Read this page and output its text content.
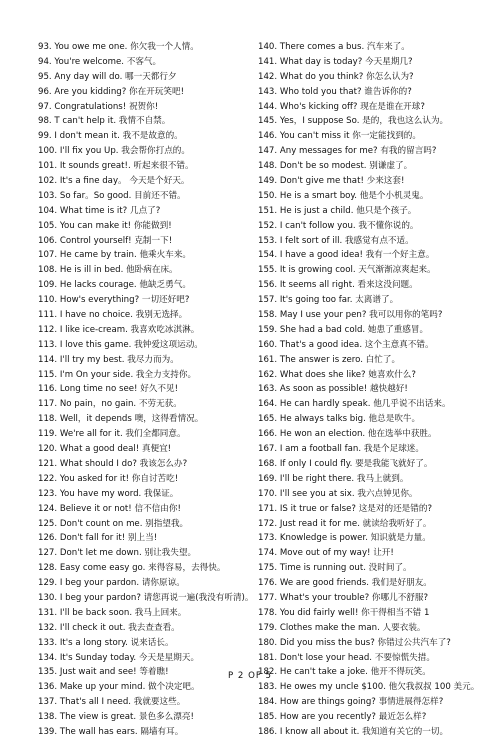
93. You owe me one. 你欠我一个人情。
94. You're welcome. 不客气。
95. Any day will do. 哪一天都行夕
96. Are you kidding? 你在开玩笑吧!
97. Congratulations! 祝贺你!
98. T can't help it. 我情不自禁。
99. I don't mean it. 我不是故意的。
100. I'll fix you Up. 我会帮你打点的。
101. It sounds great!. 听起来很不错。
102. It's a fine day。 今天是个好天。
103. So far。So good. 目前还不错。
104. What time is it? 几点了?
105. You can make it! 你能做到!
106. Control yourself! 克制一下!
107. He came by train. 他乘火车来。
108. He is ill in bed. 他卧病在床。
109. He lacks courage. 他缺乏勇气。
110. How's everything? 一切还好吧?
111. I have no choice. 我别无选择。
112. I like ice-cream. 我喜欢吃冰淇淋。
113. I love this game. 我钟爱这项运动。
114. I'll try my best. 我尽力而为。
115. I'm On your side. 我全力支持你。
116. Long time no see! 好久不见!
117. No pain，no gain. 不劳无获。
118. Well，it depends 噢，这得看情况。
119. We're all for it. 我们全都同意。
120. What a good deal! 真便宜!
121. What should I do? 我该怎么办?
122. You asked for it! 你自讨苦吃!
123. You have my word. 我保证。
124. Believe it or not! 信不信由你!
125. Don't count on me. 别指望我。
126. Don't fall for it! 别上当!
127. Don't let me down. 别让我失望。
128. Easy come easy go. 来得容易，去得快。
129. I beg your pardon. 请你原谅。
130. I beg your pardon? 请您再说一遍(我没有听清)。
131. I'll be back soon. 我马上回来。
132. I'll check it out. 我去查查看。
133. It's a long story. 说来话长。
134. It's Sunday today. 今天是星期天。
135. Just wait and see! 等着瞧!
136. Make up your mind. 做个决定吧。
137. That's all I need. 我就要这些。
138. The view is great. 景色多么漂亮!
139. The wall has ears. 隔墙有耳。
140. There comes a bus. 汽车来了。
141. What day is today? 今天星期几?
142. What do you think? 你怎么认为?
143. Who told you that? 谁告诉你的?
144. Who's kicking off? 现在是谁在开球?
145. Yes，I suppose So. 是的，我也这么认为。
146. You can't miss it 你一定能找到的。
147. Any messages for me? 有我的留言吗?
148. Don't be so modest. 别谦虚了。
149. Don't give me that! 少来这套!
150. He is a smart boy. 他是个小机灵鬼。
151. He is just a child. 他只是个孩子。
152. I can't follow you. 我不懂你说的。
153. I felt sort of ill. 我感觉有点不适。
154. I have a good idea! 我有一个好主意。
155. It is growing cool. 天气渐渐凉爽起来。
156. It seems all right. 看来这没问题。
157. It's going too far. 太离谱了。
158. May I use your pen? 我可以用你的笔吗?
159. She had a bad cold. 她患了重感冒。
160. That's a good idea. 这个主意真不错。
161. The answer is zero. 白忙了。
162. What does she like? 她喜欢什么?
163. As soon as possible! 越快越好!
164. He can hardly speak. 他几乎说不出话来。
165. He always talks big. 他总是吹牛。
166. He won an election. 他在选举中获胜。
167. I am a football fan. 我是个足球迷。
168. If only I could fly. 要是我能飞就好了。
169. I'll be right there. 我马上就到。
170. I'll see you at six. 我六点钟见你。
171. IS it true or false? 这是对的还是错的?
172. Just read it for me. 就读给我听好了。
173. Knowledge is power. 知识就是力量。
174. Move out of my way! 让开!
175. Time is running out. 没时间了。
176. We are good friends. 我们是好朋友。
177. What's your trouble? 你哪儿不舒服?
178. You did fairly well! 你干得相当不错 1
179. Clothes make the man. 人要衣装。
180. Did you miss the bus? 你错过公共汽车了?
181. Don't lose your head. 不要惊慌失措。
182. He can't take a joke. 他开不得玩笑。
183. He owes my uncle $100. 他欠我叔叔 100 美元。
184. How are things going? 事情进展得怎样?
185. How are you recently? 最近怎么样?
186. I know all about it. 我知道有关它的一切。
P 2 OF 5
